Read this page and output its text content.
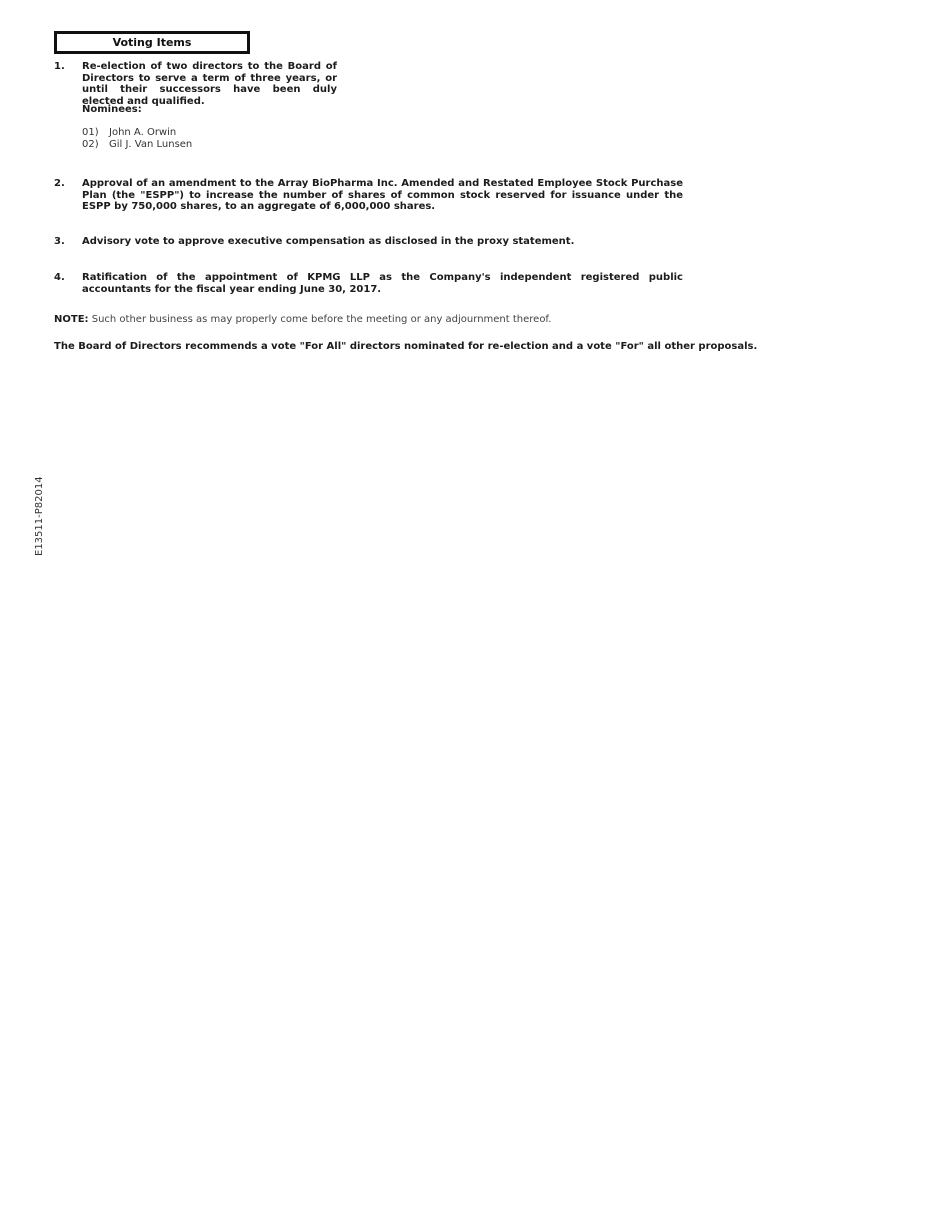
Voting Items
1.	Re-election of two directors to the Board of Directors to serve a term of three years, or until their successors have been duly elected and qualified.
Nominees:
01) John A. Orwin
02) Gil J. Van Lunsen
2.	Approval of an amendment to the Array BioPharma Inc. Amended and Restated Employee Stock Purchase Plan (the "ESPP") to increase the number of shares of common stock reserved for issuance under the ESPP by 750,000 shares, to an aggregate of 6,000,000 shares.
3.	Advisory vote to approve executive compensation as disclosed in the proxy statement.
4.	Ratification of the appointment of KPMG LLP as the Company's independent registered public accountants for the fiscal year ending June 30, 2017.
NOTE: Such other business as may properly come before the meeting or any adjournment thereof.
The Board of Directors recommends a vote "For All" directors nominated for re-election and a vote "For" all other proposals.
E13511-P82014
